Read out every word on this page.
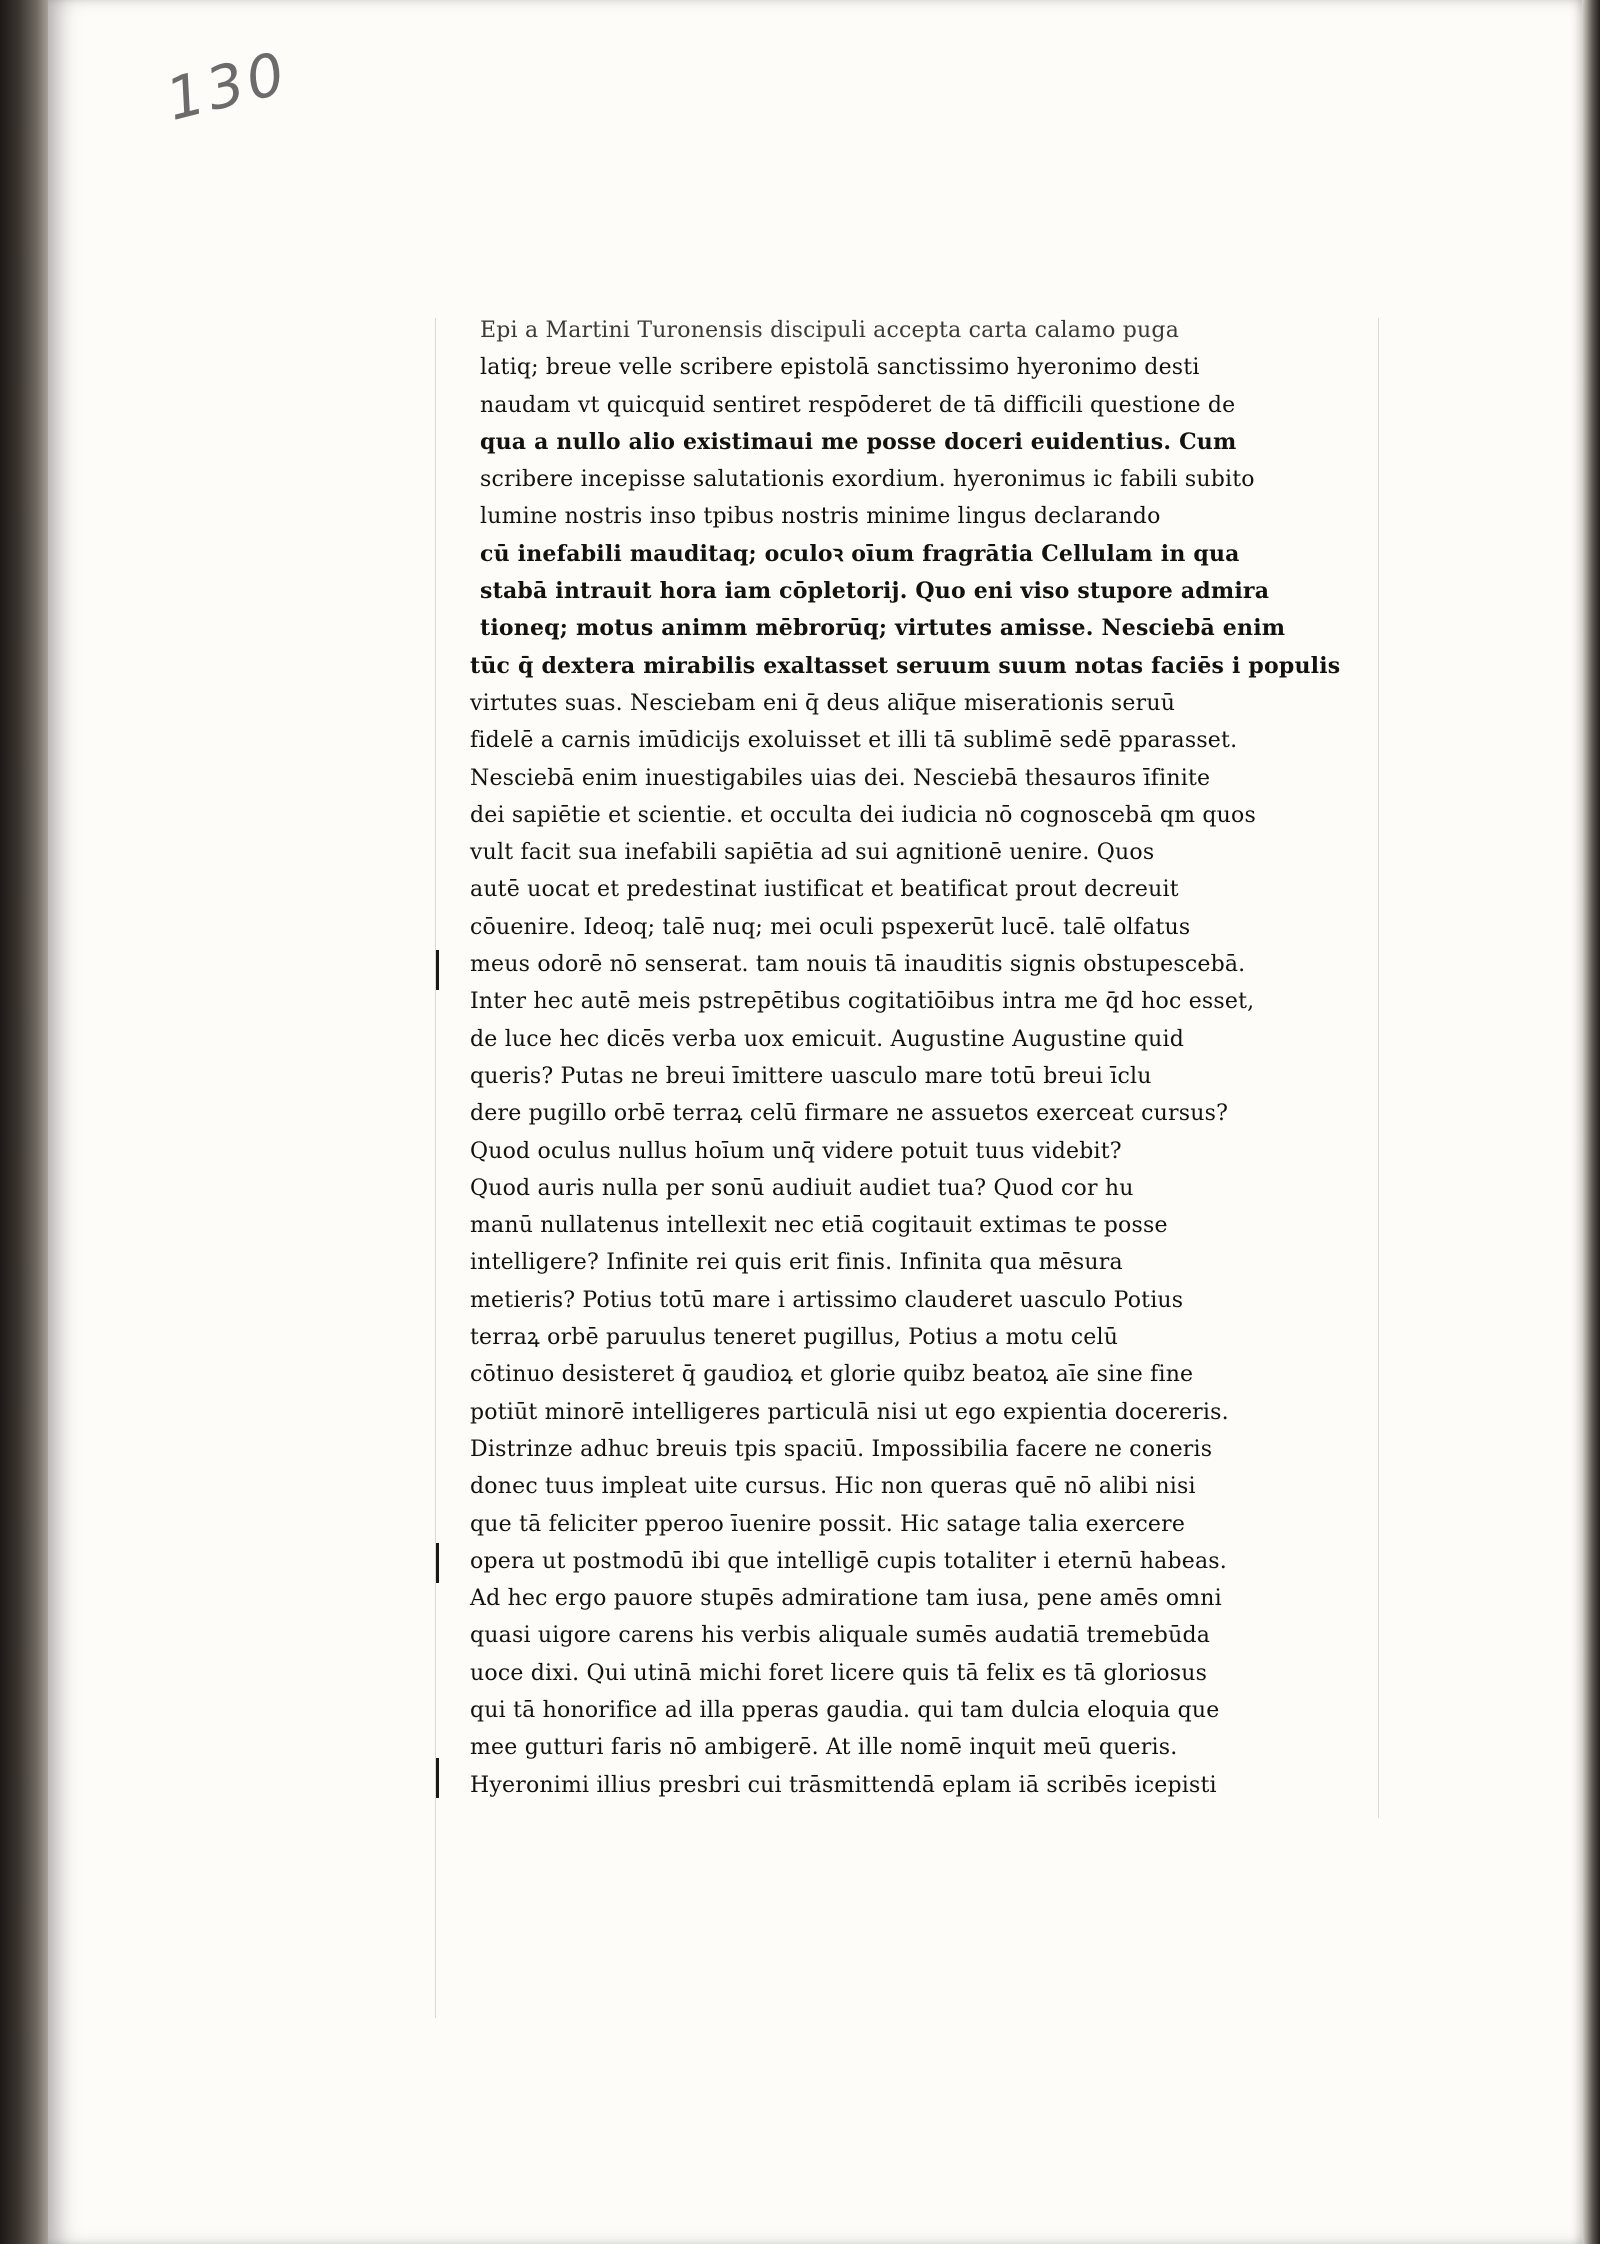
130
Epi a Martini Turonensis discipuli accepta carta calamo puga
latiq; breue velle scribere epistolā sanctissimo hyeronimo desti
naudam vt quicquid sentiret respōderet de tā difficili questione de
qua a nullo alio existimaui me posse doceri euidentius. Cum
scribere incepisse salutationis exordium. hyeronimus ic fabili subito
lumine nostris inso tpibus nostris minime lingus declarando
cū inefabili mauditaq; oculoꝛ oīum fragrātia Cellulam in qua
stabā intrauit hora iam cōpletorij. Quo eni viso stupore admira
tioneq; motus animm mēbrorūq; virtutes amisse. Nesciebā enim
tūc q̄ dextera mirabilis exaltasset seruum suum notas faciēs i populis
virtutes suas. Nesciebam eni q̄ deus aliq̄ue miserationis seruū
fidelē a carnis imūdicijs exoluisset et illi tā sublimē sedē pparasset.
Nesciebā enim inuestigabiles uias dei. Nesciebā thesauros īfinite
dei sapiētie et scientie. et occulta dei iudicia nō cognoscebā qm quos
vult facit sua inefabili sapiētia ad sui agnitionē uenire. Quos
autē uocat et predestinat iustificat et beatificat prout decreuit
cōuenire. Ideoq; talē nuq; mei oculi pspexerūt lucē. talē olfatus
meus odorē nō senserat. tam nouis tā inauditis signis obstupescebā.
Inter hec autē meis pstrepētibus cogitatiōibus intra me q̄d hoc esset,
de luce hec dicēs verba uox emicuit. Augustine Augustine quid
queris? Putas ne breui īmittere uasculo mare totū breui īclu
dere pugillo orbē terraꝝ celū firmare ne assuetos exerceat cursus?
Quod oculus nullus hoīum unq̄ videre potuit tuus videbit?
Quod auris nulla per sonū audiuit audiet tua? Quod cor hu
manū nullatenus intellexit nec etiā cogitauit extimas te posse
intelligere? Infinite rei quis erit finis. Infinita qua mēsura
metieris? Potius totū mare i artissimo clauderet uasculo Potius
terraꝝ orbē paruulus teneret pugillus, Potius a motu celū
cōtinuo desisteret q̄ gaudioꝝ et glorie quibz beatoꝝ aīe sine fine
potiūt minorē intelligeres particulā nisi ut ego expientia docereris.
Distrinze adhuc breuis tpis spaciū. Impossibilia facere ne coneris
donec tuus impleat uite cursus. Hic non queras quē nō alibi nisi
que tā feliciter pperoo īuenire possit. Hic satage talia exercere
opera ut postmodū ibi que intelligē cupis totaliter i eternū habeas.
Ad hec ergo pauore stupēs admiratione tam iusa, pene amēs omni
quasi uigore carens his verbis aliquale sumēs audatiā tremebūda
uoce dixi. Qui utinā michi foret licere quis tā felix es tā gloriosus
qui tā honorifice ad illa pperas gaudia. qui tam dulcia eloquia que
mee gutturi faris nō ambigerē. At ille nomē inquit meū queris.
Hyeronimi illius presbri cui trāsmittendā eplam iā scribēs icepisti
